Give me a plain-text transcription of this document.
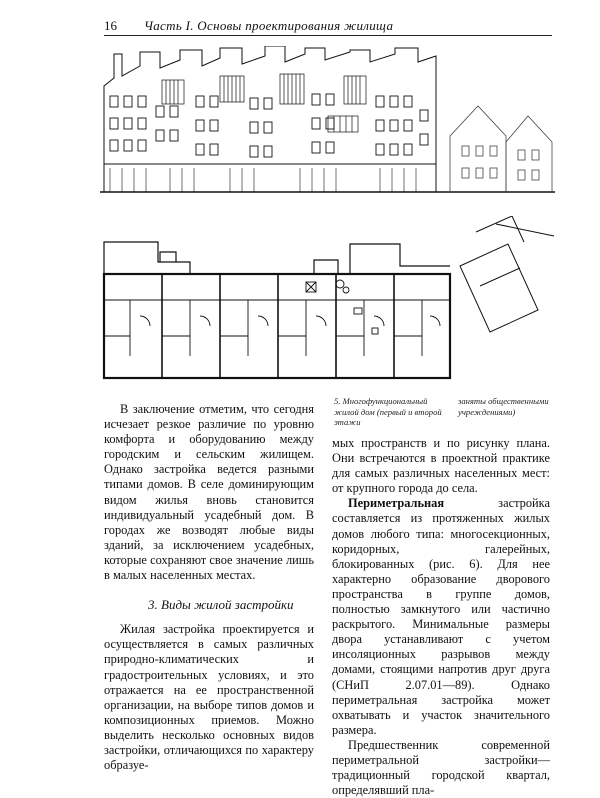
16 Часть I. Основы проектирования жилища
5. Многофункциональный жилой дом (первый и второй этажи
заняты общественными учреждениями)

В заключение отметим, что сегодня исчезает резкое различие по уровню комфорта и оборудованию между городским и сельским жилищем. Однако застройка ведется разными типами домов. В селе доминирующим видом жилья вновь становится индивидуальный усадебный дом. В городах же возводят любые виды зданий, за исключением усадебных, которые сохраняют свое значение лишь в малых населенных местах.

3. Виды жилой застройки

Жилая застройка проектируется и осуществляется в самых различных природно-климатических и градостроительных условиях, и это отражается на ее пространственной организации, на выборе типов домов и композиционных приемов. Можно выделить несколько основных видов застройки, отличающихся по характеру образуе-

мых пространств и по рисунку плана. Они встречаются в проектной практике для самых различных населенных мест: от крупного города до села.

Периметральная застройка составляется из протяженных жилых домов любого типа: многосекционных, коридорных, галерейных, блокированных (рис. 6). Для нее характерно образование дворового пространства в группе домов, полностью замкнутого или частично раскрытого. Минимальные размеры двора устанавливают с учетом инсоляционных разрывов между домами, стоящими напротив друг друга (СНиП 2.07.01—89). Однако периметральная застройка может охватывать и участок значительного размера.

Предшественник современной периметральной застройки—традиционный городской квартал, определявший пла-
